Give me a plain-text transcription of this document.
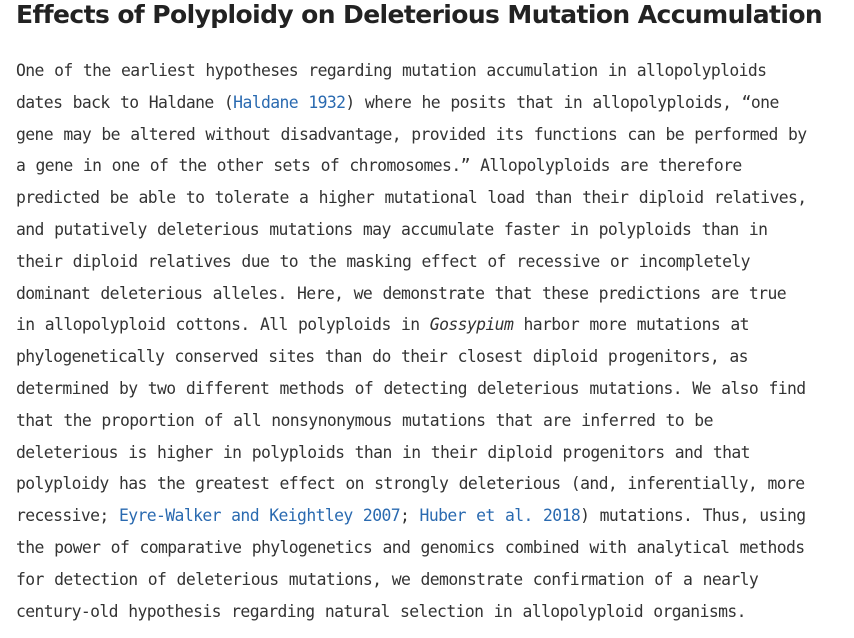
Effects of Polyploidy on Deleterious Mutation Accumulation
One of the earliest hypotheses regarding mutation accumulation in allopolyploids
dates back to Haldane (Haldane 1932) where he posits that in allopolyploids, “one
gene may be altered without disadvantage, provided its functions can be performed by
a gene in one of the other sets of chromosomes.” Allopolyploids are therefore
predicted be able to tolerate a higher mutational load than their diploid relatives,
and putatively deleterious mutations may accumulate faster in polyploids than in
their diploid relatives due to the masking effect of recessive or incompletely
dominant deleterious alleles. Here, we demonstrate that these predictions are true
in allopolyploid cottons. All polyploids in Gossypium harbor more mutations at
phylogenetically conserved sites than do their closest diploid progenitors, as
determined by two different methods of detecting deleterious mutations. We also find
that the proportion of all nonsynonymous mutations that are inferred to be
deleterious is higher in polyploids than in their diploid progenitors and that
polyploidy has the greatest effect on strongly deleterious (and, inferentially, more
recessive; Eyre-Walker and Keightley 2007; Huber et al. 2018) mutations. Thus, using
the power of comparative phylogenetics and genomics combined with analytical methods
for detection of deleterious mutations, we demonstrate confirmation of a nearly
century-old hypothesis regarding natural selection in allopolyploid organisms.
